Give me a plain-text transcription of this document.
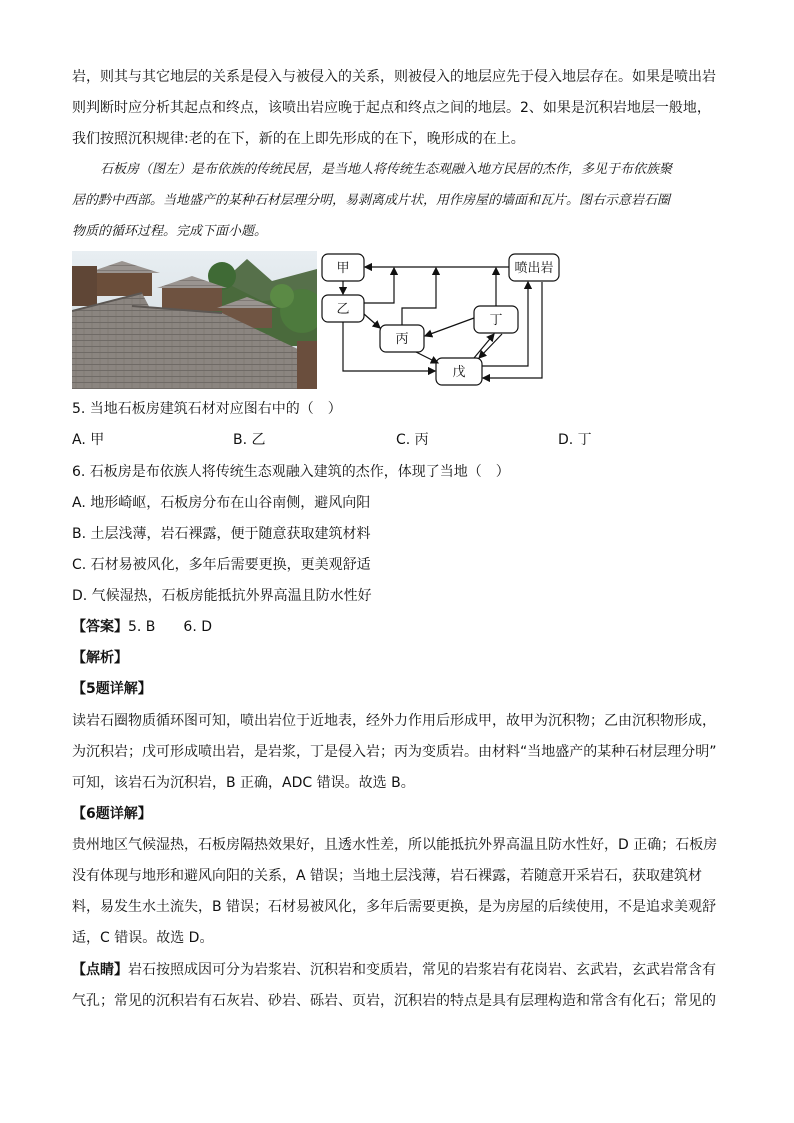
岩，则其与其它地层的关系是侵入与被侵入的关系，则被侵入的地层应先于侵入地层存在。如果是喷出岩
则判断时应分析其起点和终点，该喷出岩应晚于起点和终点之间的地层。2、如果是沉积岩地层一般地，
我们按照沉积规律:老的在下，新的在上即先形成的在下，晚形成的在上。
石板房（图左）是布依族的传统民居，是当地人将传统生态观融入地方民居的杰作，多见于布依族聚
居的黔中西部。当地盛产的某种石材层理分明，易剥离成片状，用作房屋的墙面和瓦片。图右示意岩石圈
物质的循环过程。完成下面小题。
甲	喷出岩
乙
丙
丁
戊
5. 当地石板房建筑石材对应图右中的（　）
A. 甲	B. 乙	C. 丙	D. 丁
6. 石板房是布依族人将传统生态观融入建筑的杰作，体现了当地（　）
A. 地形崎岖，石板房分布在山谷南侧，避风向阳
B. 土层浅薄，岩石裸露，便于随意获取建筑材料
C. 石材易被风化，多年后需要更换，更美观舒适
D. 气候湿热，石板房能抵抗外界高温且防水性好
【答案】5. B　　6. D
【解析】
【5题详解】
读岩石圈物质循环图可知，喷出岩位于近地表，经外力作用后形成甲，故甲为沉积物；乙由沉积物形成，
为沉积岩；戊可形成喷出岩，是岩浆，丁是侵入岩；丙为变质岩。由材料“当地盛产的某种石材层理分明”
可知，该岩石为沉积岩，B 正确，ADC 错误。故选 B。
【6题详解】
贵州地区气候湿热，石板房隔热效果好，且透水性差，所以能抵抗外界高温且防水性好，D 正确；石板房
没有体现与地形和避风向阳的关系，A 错误；当地土层浅薄，岩石裸露，若随意开采岩石，获取建筑材
料，易发生水土流失，B 错误；石材易被风化，多年后需要更换，是为房屋的后续使用，不是追求美观舒
适，C 错误。故选 D。
【点睛】岩石按照成因可分为岩浆岩、沉积岩和变质岩，常见的岩浆岩有花岗岩、玄武岩，玄武岩常含有
气孔；常见的沉积岩有石灰岩、砂岩、砾岩、页岩，沉积岩的特点是具有层理构造和常含有化石；常见的
